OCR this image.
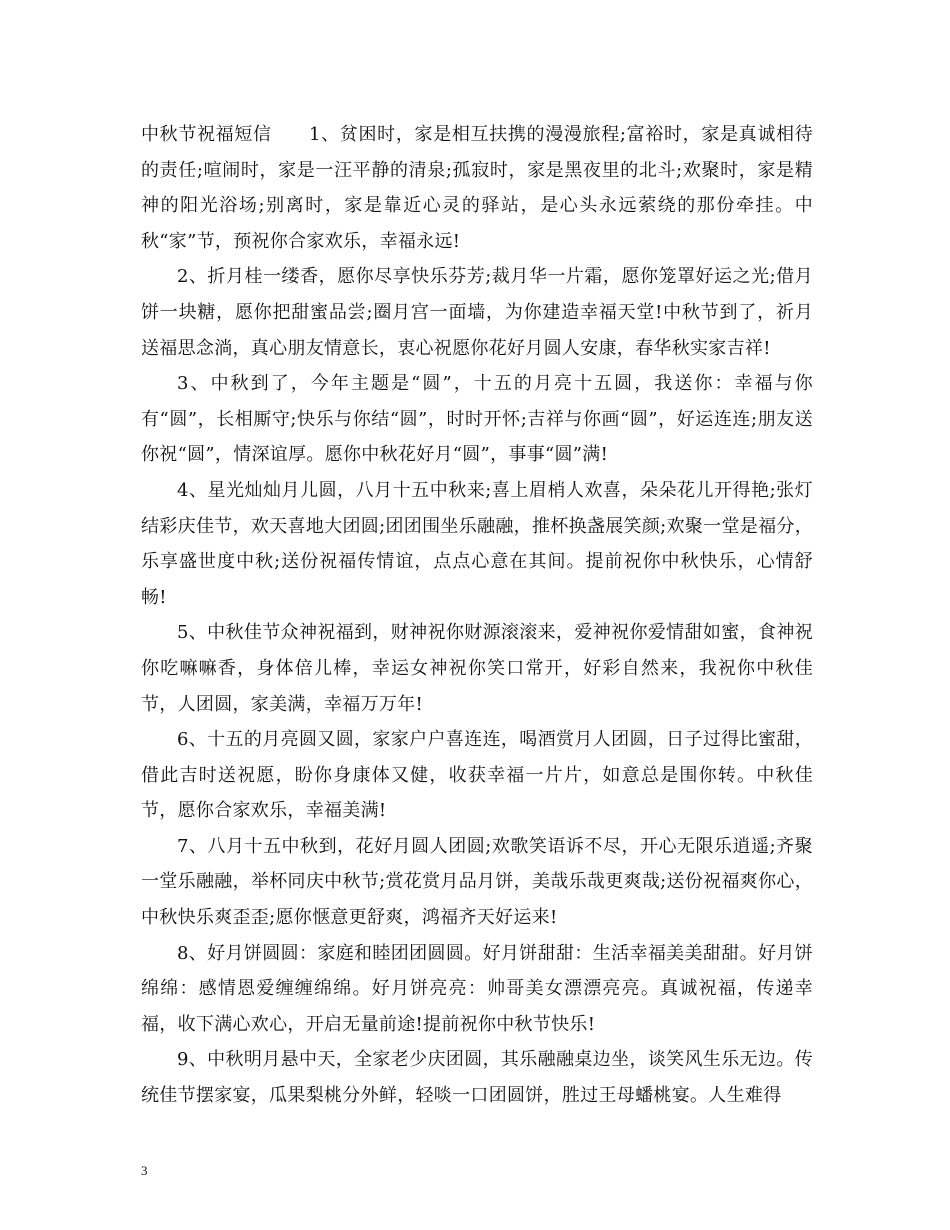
中秋节祝福短信　　1、贫困时，家是相互扶携的漫漫旅程;富裕时，家是真诚相待的责任;喧闹时，家是一汪平静的清泉;孤寂时，家是黑夜里的北斗;欢聚时，家是精神的阳光浴场;别离时，家是靠近心灵的驿站，是心头永远萦绕的那份牵挂。中秋“家”节，预祝你合家欢乐，幸福永远!

2、折月桂一缕香，愿你尽享快乐芬芳;裁月华一片霜，愿你笼罩好运之光;借月饼一块糖，愿你把甜蜜品尝;圈月宫一面墙，为你建造幸福天堂!中秋节到了，祈月送福思念淌，真心朋友情意长，衷心祝愿你花好月圆人安康，春华秋实家吉祥!

3、中秋到了，今年主题是“圆”，十五的月亮十五圆，我送你：幸福与你有“圆”，长相厮守;快乐与你结“圆”，时时开怀;吉祥与你画“圆”，好运连连;朋友送你祝“圆”，情深谊厚。愿你中秋花好月“圆”，事事“圆”满!

4、星光灿灿月儿圆，八月十五中秋来;喜上眉梢人欢喜，朵朵花儿开得艳;张灯结彩庆佳节，欢天喜地大团圆;团团围坐乐融融，推杯换盏展笑颜;欢聚一堂是福分，乐享盛世度中秋;送份祝福传情谊，点点心意在其间。提前祝你中秋快乐，心情舒畅!

5、中秋佳节众神祝福到，财神祝你财源滚滚来，爱神祝你爱情甜如蜜，食神祝你吃嘛嘛香，身体倍儿棒，幸运女神祝你笑口常开，好彩自然来，我祝你中秋佳节，人团圆，家美满，幸福万万年!

6、十五的月亮圆又圆，家家户户喜连连，喝酒赏月人团圆，日子过得比蜜甜，借此吉时送祝愿，盼你身康体又健，收获幸福一片片，如意总是围你转。中秋佳节，愿你合家欢乐，幸福美满!

7、八月十五中秋到，花好月圆人团圆;欢歌笑语诉不尽，开心无限乐逍遥;齐聚一堂乐融融，举杯同庆中秋节;赏花赏月品月饼，美哉乐哉更爽哉;送份祝福爽你心，中秋快乐爽歪歪;愿你惬意更舒爽，鸿福齐天好运来!

8、好月饼圆圆：家庭和睦团团圆圆。好月饼甜甜：生活幸福美美甜甜。好月饼绵绵：感情恩爱缠缠绵绵。好月饼亮亮：帅哥美女漂漂亮亮。真诚祝福，传递幸福，收下满心欢心，开启无量前途!提前祝你中秋节快乐!

9、中秋明月悬中天，全家老少庆团圆，其乐融融桌边坐，谈笑风生乐无边。传统佳节摆家宴，瓜果梨桃分外鲜，轻啖一口团圆饼，胜过王母蟠桃宴。人生难得

3
